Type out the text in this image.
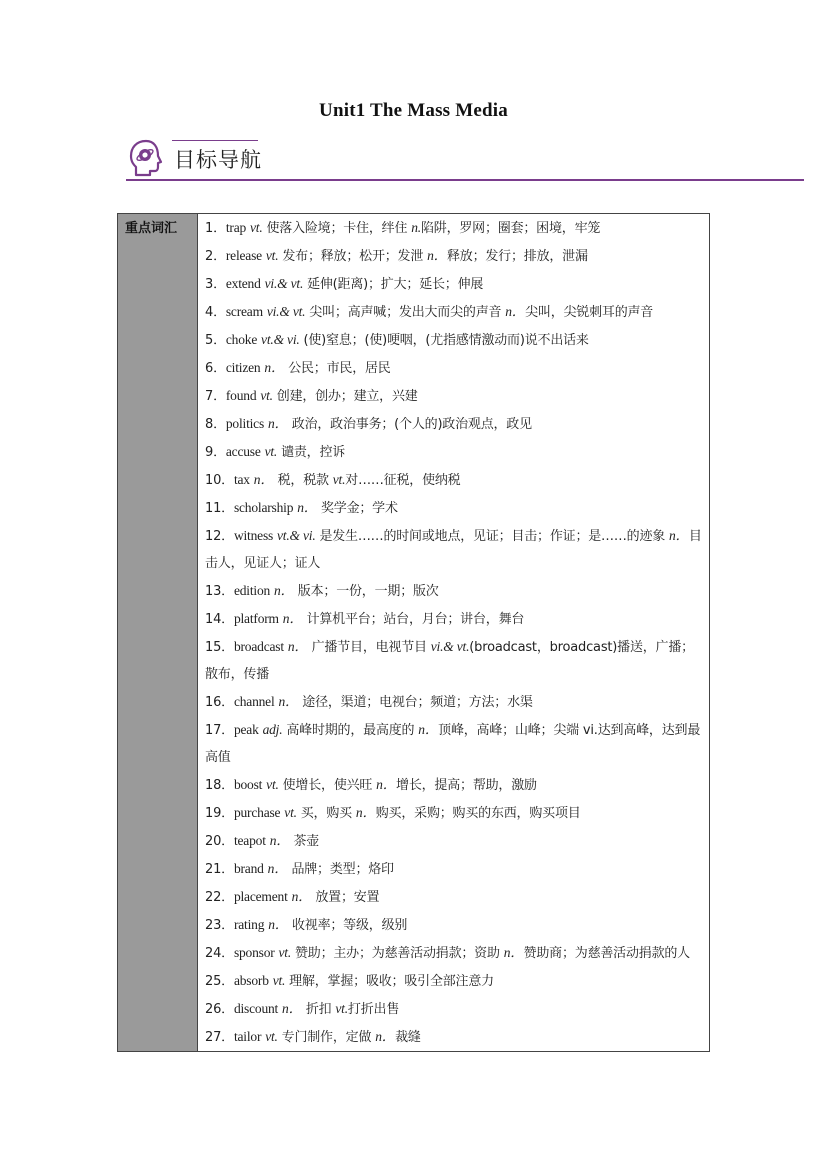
Unit1 The Mass Media
目标导航
重点词汇	1．trap vt. 使落入险境；卡住，绊住 n.陷阱，罗网；圈套；困境，牢笼
2．release vt. 发布；释放；松开；发泄 n．释放；发行；排放，泄漏
3．extend vi.& vt. 延伸(距离)；扩大；延长；伸展
4．scream vi.& vt. 尖叫；高声喊；发出大而尖的声音 n．尖叫，尖锐刺耳的声音
5．choke vt.& vi. (使)窒息；(使)哽咽，(尤指感情激动而)说不出话来
6．citizen n． 公民；市民，居民
7．found vt. 创建，创办；建立，兴建
8．politics n． 政治，政治事务；(个人的)政治观点，政见
9．accuse vt. 谴责，控诉
10．tax n． 税，税款 vt.对……征税，使纳税
11．scholarship n． 奖学金；学术
12．witness vt.& vi. 是发生……的时间或地点，见证；目击；作证；是……的迹象 n．目击人，见证人；证人
13．edition n． 版本；一份，一期；版次
14．platform n． 计算机平台；站台，月台；讲台，舞台
15．broadcast n． 广播节目，电视节目 vi.& vt.(broadcast，broadcast)播送，广播；散布，传播
16．channel n． 途径，渠道；电视台；频道；方法；水渠
17．peak adj. 高峰时期的，最高度的 n．顶峰，高峰；山峰；尖端 vi.达到高峰，达到最高值
18．boost vt. 使增长，使兴旺 n．增长，提高；帮助，激励
19．purchase vt. 买，购买 n．购买，采购；购买的东西，购买项目
20．teapot n． 茶壶
21．brand n． 品牌；类型；烙印
22．placement n． 放置；安置
23．rating n． 收视率；等级，级别
24．sponsor vt. 赞助；主办；为慈善活动捐款；资助 n．赞助商；为慈善活动捐款的人
25．absorb vt. 理解，掌握；吸收；吸引全部注意力
26．discount n． 折扣 vt.打折出售
27．tailor vt. 专门制作，定做 n．裁缝
